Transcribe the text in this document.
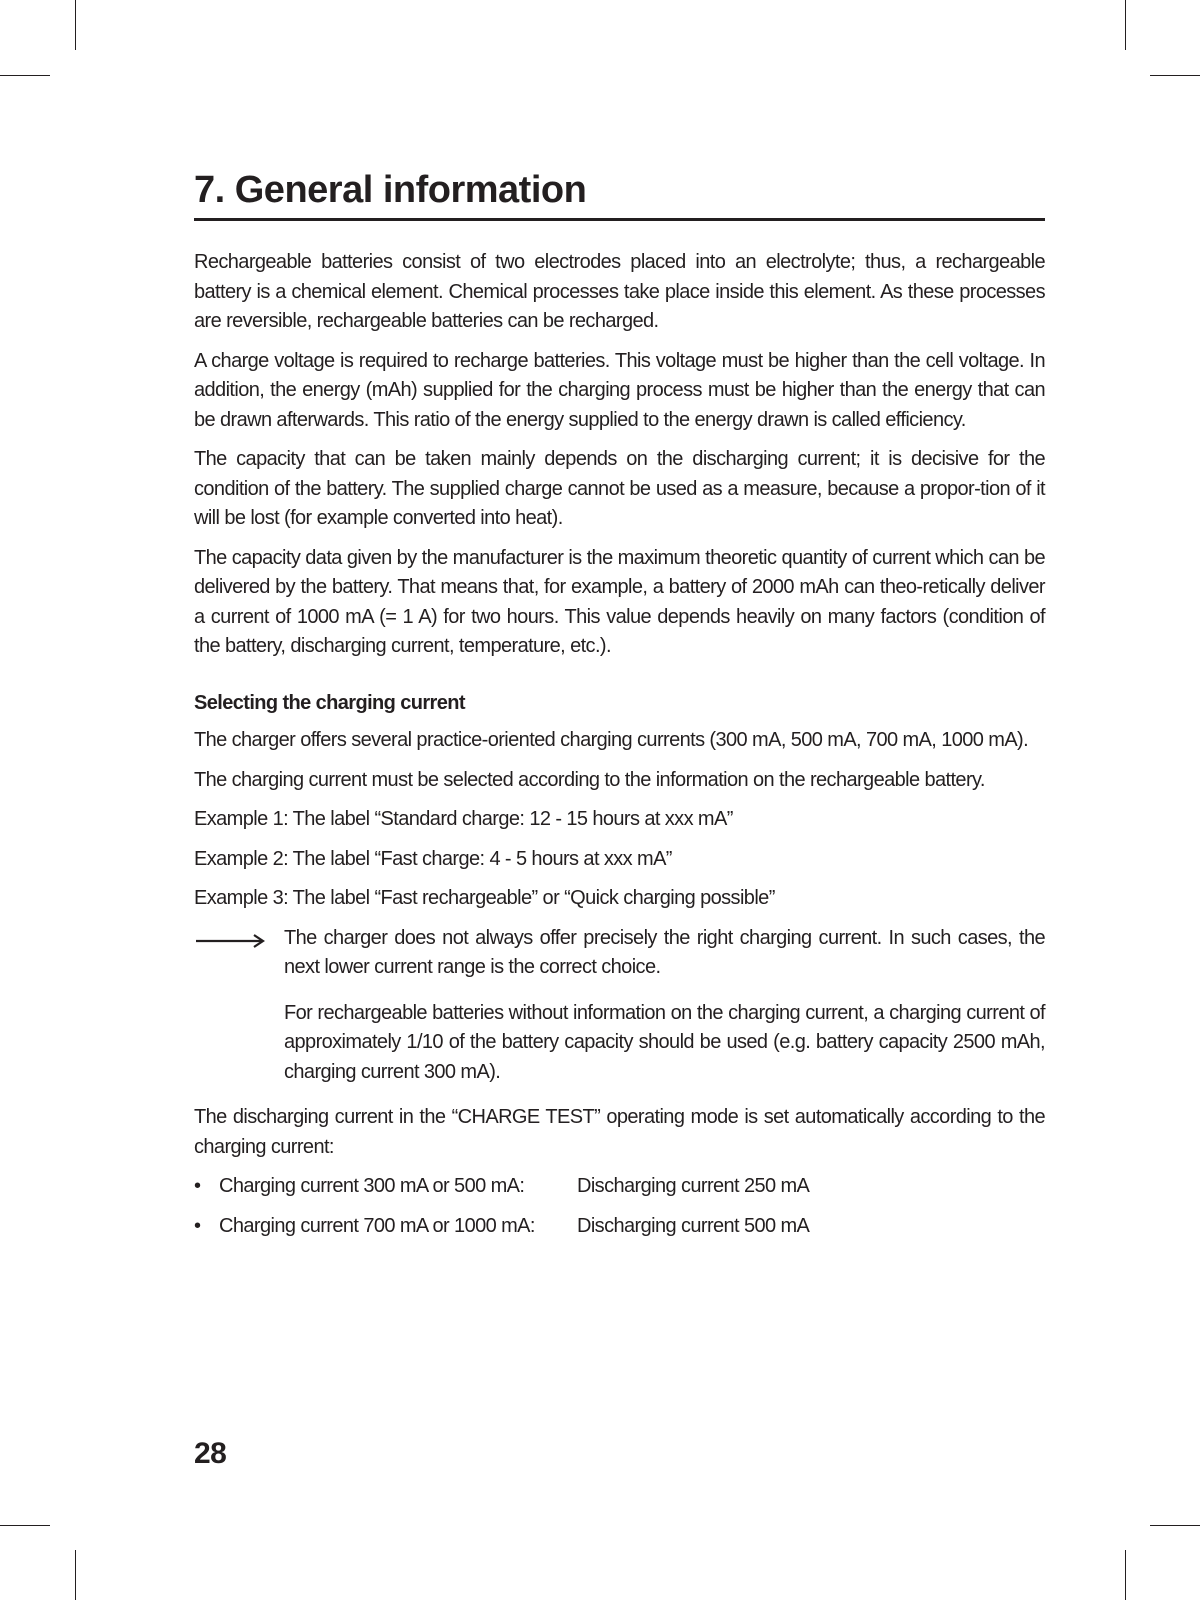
7. General information

Rechargeable batteries consist of two electrodes placed into an electrolyte; thus, a rechargeable battery is a chemical element. Chemical processes take place inside this element. As these processes are reversible, rechargeable batteries can be recharged.

A charge voltage is required to recharge batteries. This voltage must be higher than the cell voltage. In addition, the energy (mAh) supplied for the charging process must be higher than the energy that can be drawn afterwards. This ratio of the energy supplied to the energy drawn is called efficiency.

The capacity that can be taken mainly depends on the discharging current; it is decisive for the condition of the battery. The supplied charge cannot be used as a measure, because a propor-tion of it will be lost (for example converted into heat).

The capacity data given by the manufacturer is the maximum theoretic quantity of current which can be delivered by the battery. That means that, for example, a battery of 2000 mAh can theo-retically deliver a current of 1000 mA (= 1 A) for two hours. This value depends heavily on many factors (condition of the battery, discharging current, temperature, etc.).

Selecting the charging current

The charger offers several practice-oriented charging currents (300 mA, 500 mA, 700 mA, 1000 mA).

The charging current must be selected according to the information on the rechargeable battery.

Example 1: The label “Standard charge: 12 - 15 hours at xxx mA”

Example 2: The label “Fast charge: 4 - 5 hours at xxx mA”

Example 3: The label “Fast rechargeable” or “Quick charging possible”

The charger does not always offer precisely the right charging current. In such cases, the next lower current range is the correct choice.

For rechargeable batteries without information on the charging current, a charging current of approximately 1/10 of the battery capacity should be used (e.g. battery capacity 2500 mAh, charging current 300 mA).

The discharging current in the “CHARGE TEST” operating mode is set automatically according to the charging current:

• Charging current 300 mA or 500 mA:	Discharging current 250 mA
• Charging current 700 mA or 1000 mA:	Discharging current 500 mA
28
